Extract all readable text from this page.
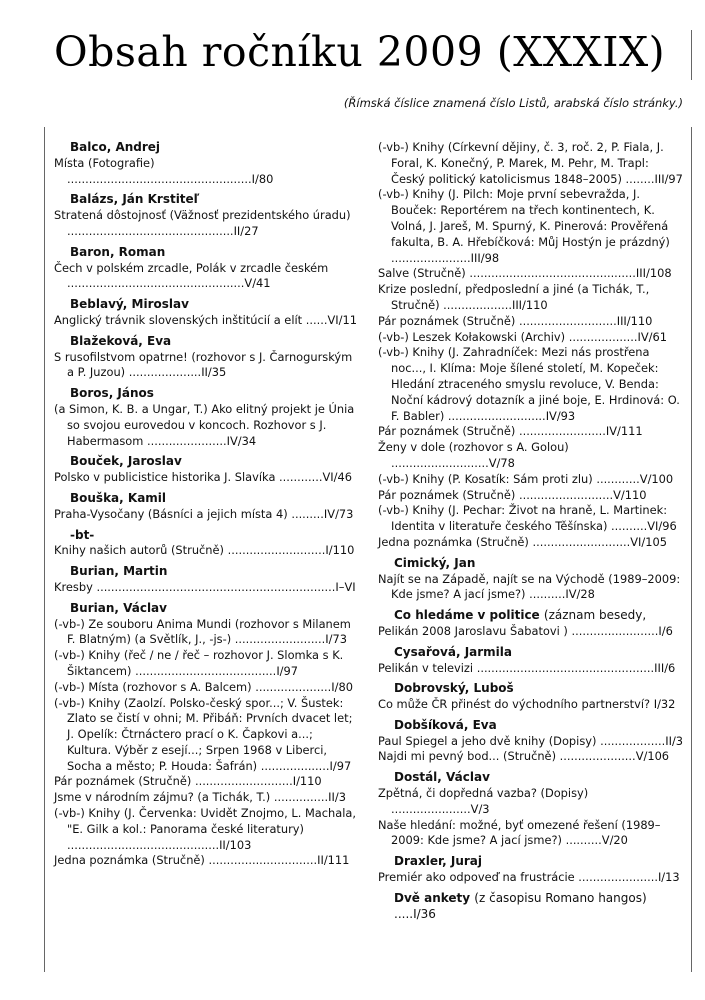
Obsah ročníku 2009 (XXXIX)
(Římská číslice znamená číslo Listů, arabská číslo stránky.)
Balco, Andrej
Místa (Fotografie) ...................................................I/80
Balázs, Ján Krstiteľ
Stratená dôstojnosť (Väžnosť prezidentského úradu) ..............................................II/27
Baron, Roman
Čech v polském zrcadle, Polák v zrcadle českém .................................................V/41
Beblavý, Miroslav
Anglický trávnik slovenských inštitúcií a elít ......VI/11
Blažeková, Eva
S rusofilstvom opatrne! (rozhovor s J. Čarnogurským a P. Juzou) ....................II/35
Boros, János
(a Simon, K. B. a Ungar, T.) Ako elitný projekt je Únia so svojou eurovedou v koncoch. Rozhovor s J. Habermasom ......................IV/34
Bouček, Jaroslav
Polsko v publicistice historika J. Slavíka ............VI/46
Bouška, Kamil
Praha-Vysočany (Básníci a jejich místa 4) .........IV/73
-bt-
Knihy našich autorů (Stručně) ...........................I/110
Burian, Martin
Kresby ..................................................................I–VI
Burian, Václav
(-vb-) Ze souboru Anima Mundi (rozhovor s Milanem F. Blatným) (a Světlík, J., -js-) .........................I/73
(-vb-) Knihy (řeč / ne / řeč – rozhovor J. Slomka s K. Šiktancem) .......................................I/97
(-vb-) Místa (rozhovor s A. Balcem) .....................I/80
(-vb-) Knihy (Zaolzí. Polsko-český spor...; V. Šustek: Zlato se čistí v ohni; M. Přibáň: Prvních dvacet let; J. Opelík: Čtrnáctero prací o K. Čapkovi a...; Kultura. Výběr z esejí...; Srpen 1968 v Liberci, Socha a město; P. Houda: Šafrán) ...................I/97
Pár poznámek (Stručně) ...........................I/110
Jsme v národním zájmu? (a Tichák, T.) ...............II/3
(-vb-) Knihy (J. Červenka: Uvidět Znojmo, L. Machala, "E. Gilk a kol.: Panorama české literatury) ..........................................II/103
Jedna poznámka (Stručně) ..............................II/111
(-vb-) Knihy (Církevní dějiny, č. 3, roč. 2, P. Fiala, J. Foral, K. Konečný, P. Marek, M. Pehr, M. Trapl: Český politický katolicismus 1848–2005) ........III/97
(-vb-) Knihy (J. Pilch: Moje první sebevražda, J. Bouček: Reportérem na třech kontinentech, K. Volná, J. Jareš, M. Spurný, K. Pinerová: Prověřená fakulta, B. A. Hřebíčková: Můj Hostýn je prázdný) ......................III/98
Salve (Stručně) ..............................................III/108
Krize poslední, předposlední a jiné (a Tichák, T., Stručně) ...................III/110
Pár poznámek (Stručně) ...........................III/110
(-vb-) Leszek Kołakowski (Archiv) ...................IV/61
(-vb-) Knihy (J. Zahradníček: Mezi nás prostřena noc..., I. Klíma: Moje šílené století, M. Kopeček: Hledání ztraceného smyslu revoluce, V. Benda: Noční kádrový dotazník a jiné boje, E. Hrdinová: O. F. Babler) ...........................IV/93
Pár poznámek (Stručně) ........................IV/111
Ženy v dole (rozhovor s A. Golou) ...........................V/78
(-vb-) Knihy (P. Kosatík: Sám proti zlu) ............V/100
Pár poznámek (Stručně) ..........................V/110
(-vb-) Knihy (J. Pechar: Život na hraně, L. Martinek: Identita v literatuře českého Těšínska) ..........VI/96
Jedna poznámka (Stručně) ...........................VI/105
Cimický, Jan
Najít se na Západě, najít se na Východě (1989–2009: Kde jsme? A jací jsme?) ..........IV/28
Co hledáme v politice (záznam besedy,
Pelikán 2008 Jaroslavu Šabatovi ) ........................I/6
Cysařová, Jarmila
Pelikán v televizi .................................................III/6
Dobrovský, Luboš
Co může ČR přinést do východního partnerství? I/32
Dobšíková, Eva
Paul Spiegel a jeho dvě knihy (Dopisy) ..................II/3
Najdi mi pevný bod... (Stručně) .....................V/106
Dostál, Václav
Zpětná, či dopředná vazba? (Dopisy) ......................V/3
Naše hledání: možné, byť omezené řešení (1989–2009: Kde jsme? A jací jsme?) ..........V/20
Draxler, Juraj
Premiér ako odpoveď na frustrácie ......................I/13
Dvě ankety (z časopisu Romano hangos) .....I/36
